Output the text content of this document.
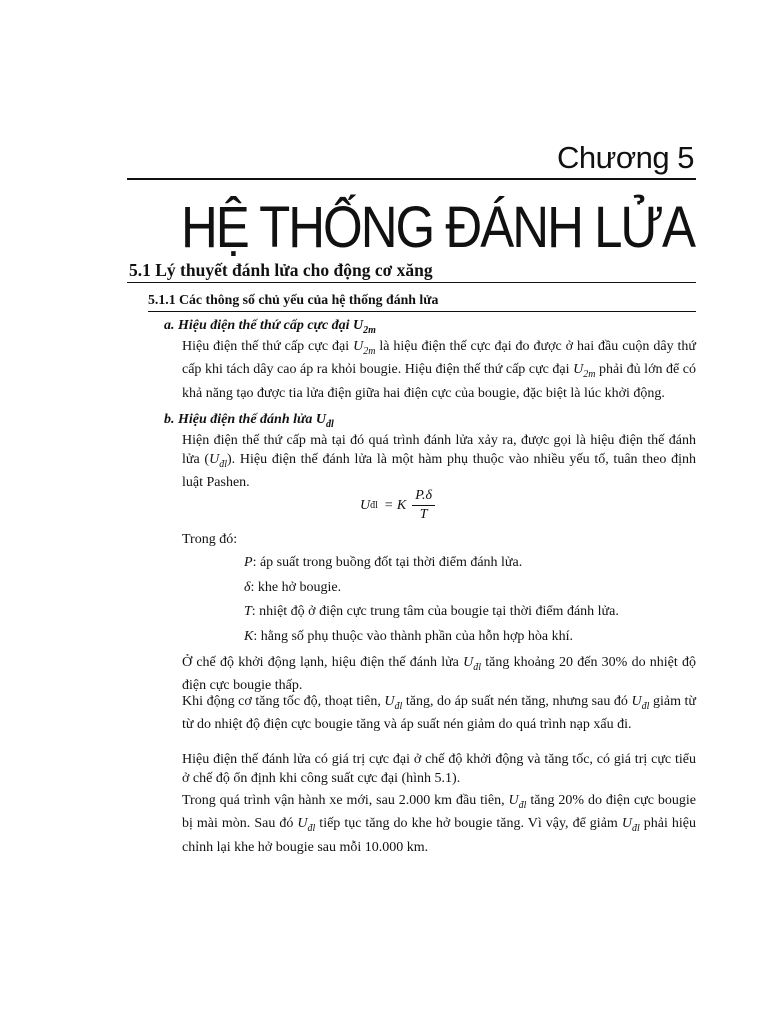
Chương 5
HỆ THỐNG ĐÁNH LỬA
5.1 Lý thuyết đánh lửa cho động cơ xăng
5.1.1 Các thông số chủ yếu của hệ thống đánh lửa
a. Hiệu điện thế thứ cấp cực đại $U_{2m}$
Hiệu điện thế thứ cấp cực đại $U_{2m}$ là hiệu điện thế cực đại đo được ở hai đầu cuộn dây thứ cấp khi tách dây cao áp ra khỏi bougie. Hiệu điện thế thứ cấp cực đại $U_{2m}$ phải đủ lớn để có khả năng tạo được tia lửa điện giữa hai điện cực của bougie, đặc biệt là lúc khởi động.
b. Hiệu điện thế đánh lửa $U_{đl}$
Hiện điện thế thứ cấp mà tại đó quá trình đánh lửa xảy ra, được gọi là hiệu điện thế đánh lửa $(U_{đl})$. Hiệu điện thế đánh lửa là một hàm phụ thuộc vào nhiều yếu tố, tuân theo định luật Pashen.
U đl = K $\frac{P.\delta}{T}$
Trong đó:
P: áp suất trong buồng đốt tại thời điểm đánh lửa.
δ: khe hở bougie.
T: nhiệt độ ở điện cực trung tâm của bougie tại thời điểm đánh lửa.
K: hằng số phụ thuộc vào thành phần của hỗn hợp hòa khí.
Ở chế độ khởi động lạnh, hiệu điện thế đánh lửa $U_{đl}$ tăng khoảng 20 đến 30% do nhiệt độ điện cực bougie thấp.
Khi động cơ tăng tốc độ, thoạt tiên, $U_{đl}$ tăng, do áp suất nén tăng, nhưng sau đó $U_{đl}$ giảm từ từ do nhiệt độ điện cực bougie tăng và áp suất nén giảm do quá trình nạp xấu đi.
Hiệu điện thế đánh lửa có giá trị cực đại ở chế độ khởi động và tăng tốc, có giá trị cực tiểu ở chế độ ổn định khi công suất cực đại (hình 5.1).
Trong quá trình vận hành xe mới, sau 2.000 km đầu tiên, $U_{đl}$ tăng 20% do điện cực bougie bị mài mòn. Sau đó $U_{đl}$ tiếp tục tăng do khe hở bougie tăng. Vì vậy, để giảm $U_{đl}$ phải hiệu chỉnh lại khe hở bougie sau mỗi 10.000 km.
